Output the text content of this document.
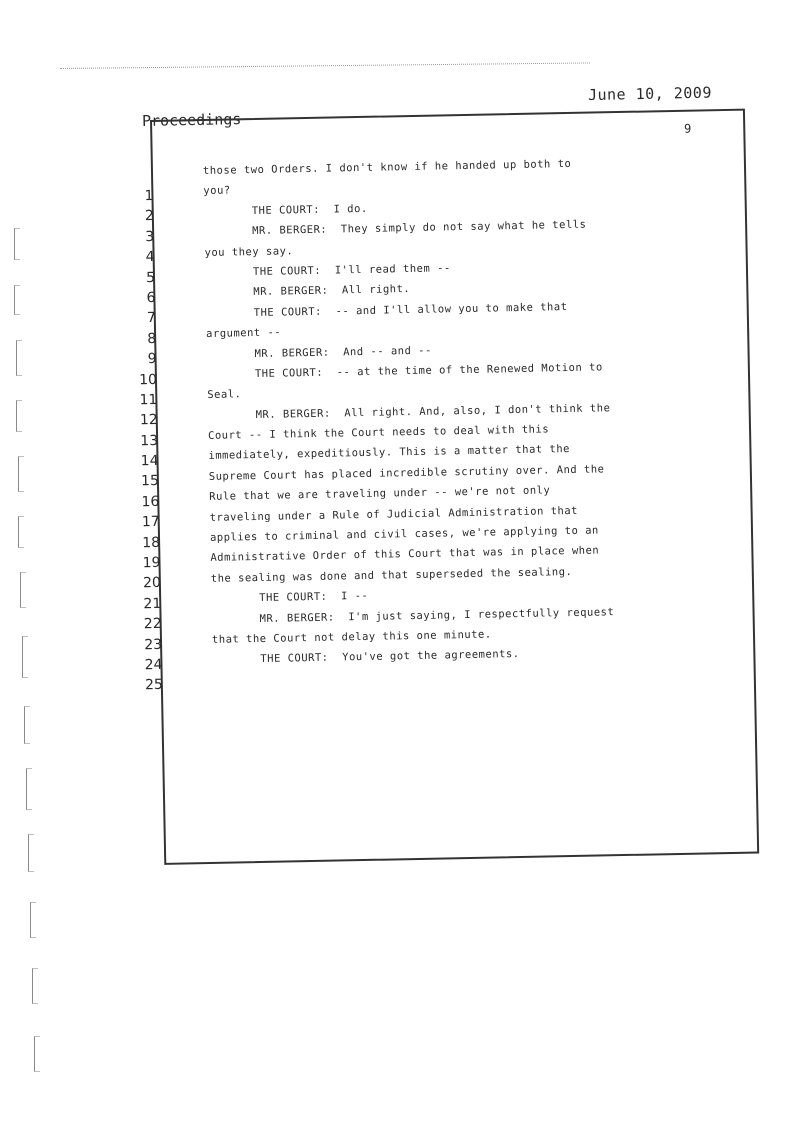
June 10, 2009
Proceedings	9
1
2
3
4
5
6
7
8
9
10
11
12
13
14
15
16
17
18
19
20
21
22
23
24
25
those two Orders. I don't know if he handed up both to
you?
THE COURT:  I do.
MR. BERGER:  They simply do not say what he tells
you they say.
THE COURT:  I'll read them --
MR. BERGER:  All right.
THE COURT:  -- and I'll allow you to make that
argument --
MR. BERGER:  And -- and --
THE COURT:  -- at the time of the Renewed Motion to
Seal.
MR. BERGER:  All right. And, also, I don't think the
Court -- I think the Court needs to deal with this
immediately, expeditiously. This is a matter that the
Supreme Court has placed incredible scrutiny over. And the
Rule that we are traveling under -- we're not only
traveling under a Rule of Judicial Administration that
applies to criminal and civil cases, we're applying to an
Administrative Order of this Court that was in place when
the sealing was done and that superseded the sealing.
THE COURT:  I --
MR. BERGER:  I'm just saying, I respectfully request
that the Court not delay this one minute.
THE COURT:  You've got the agreements.
